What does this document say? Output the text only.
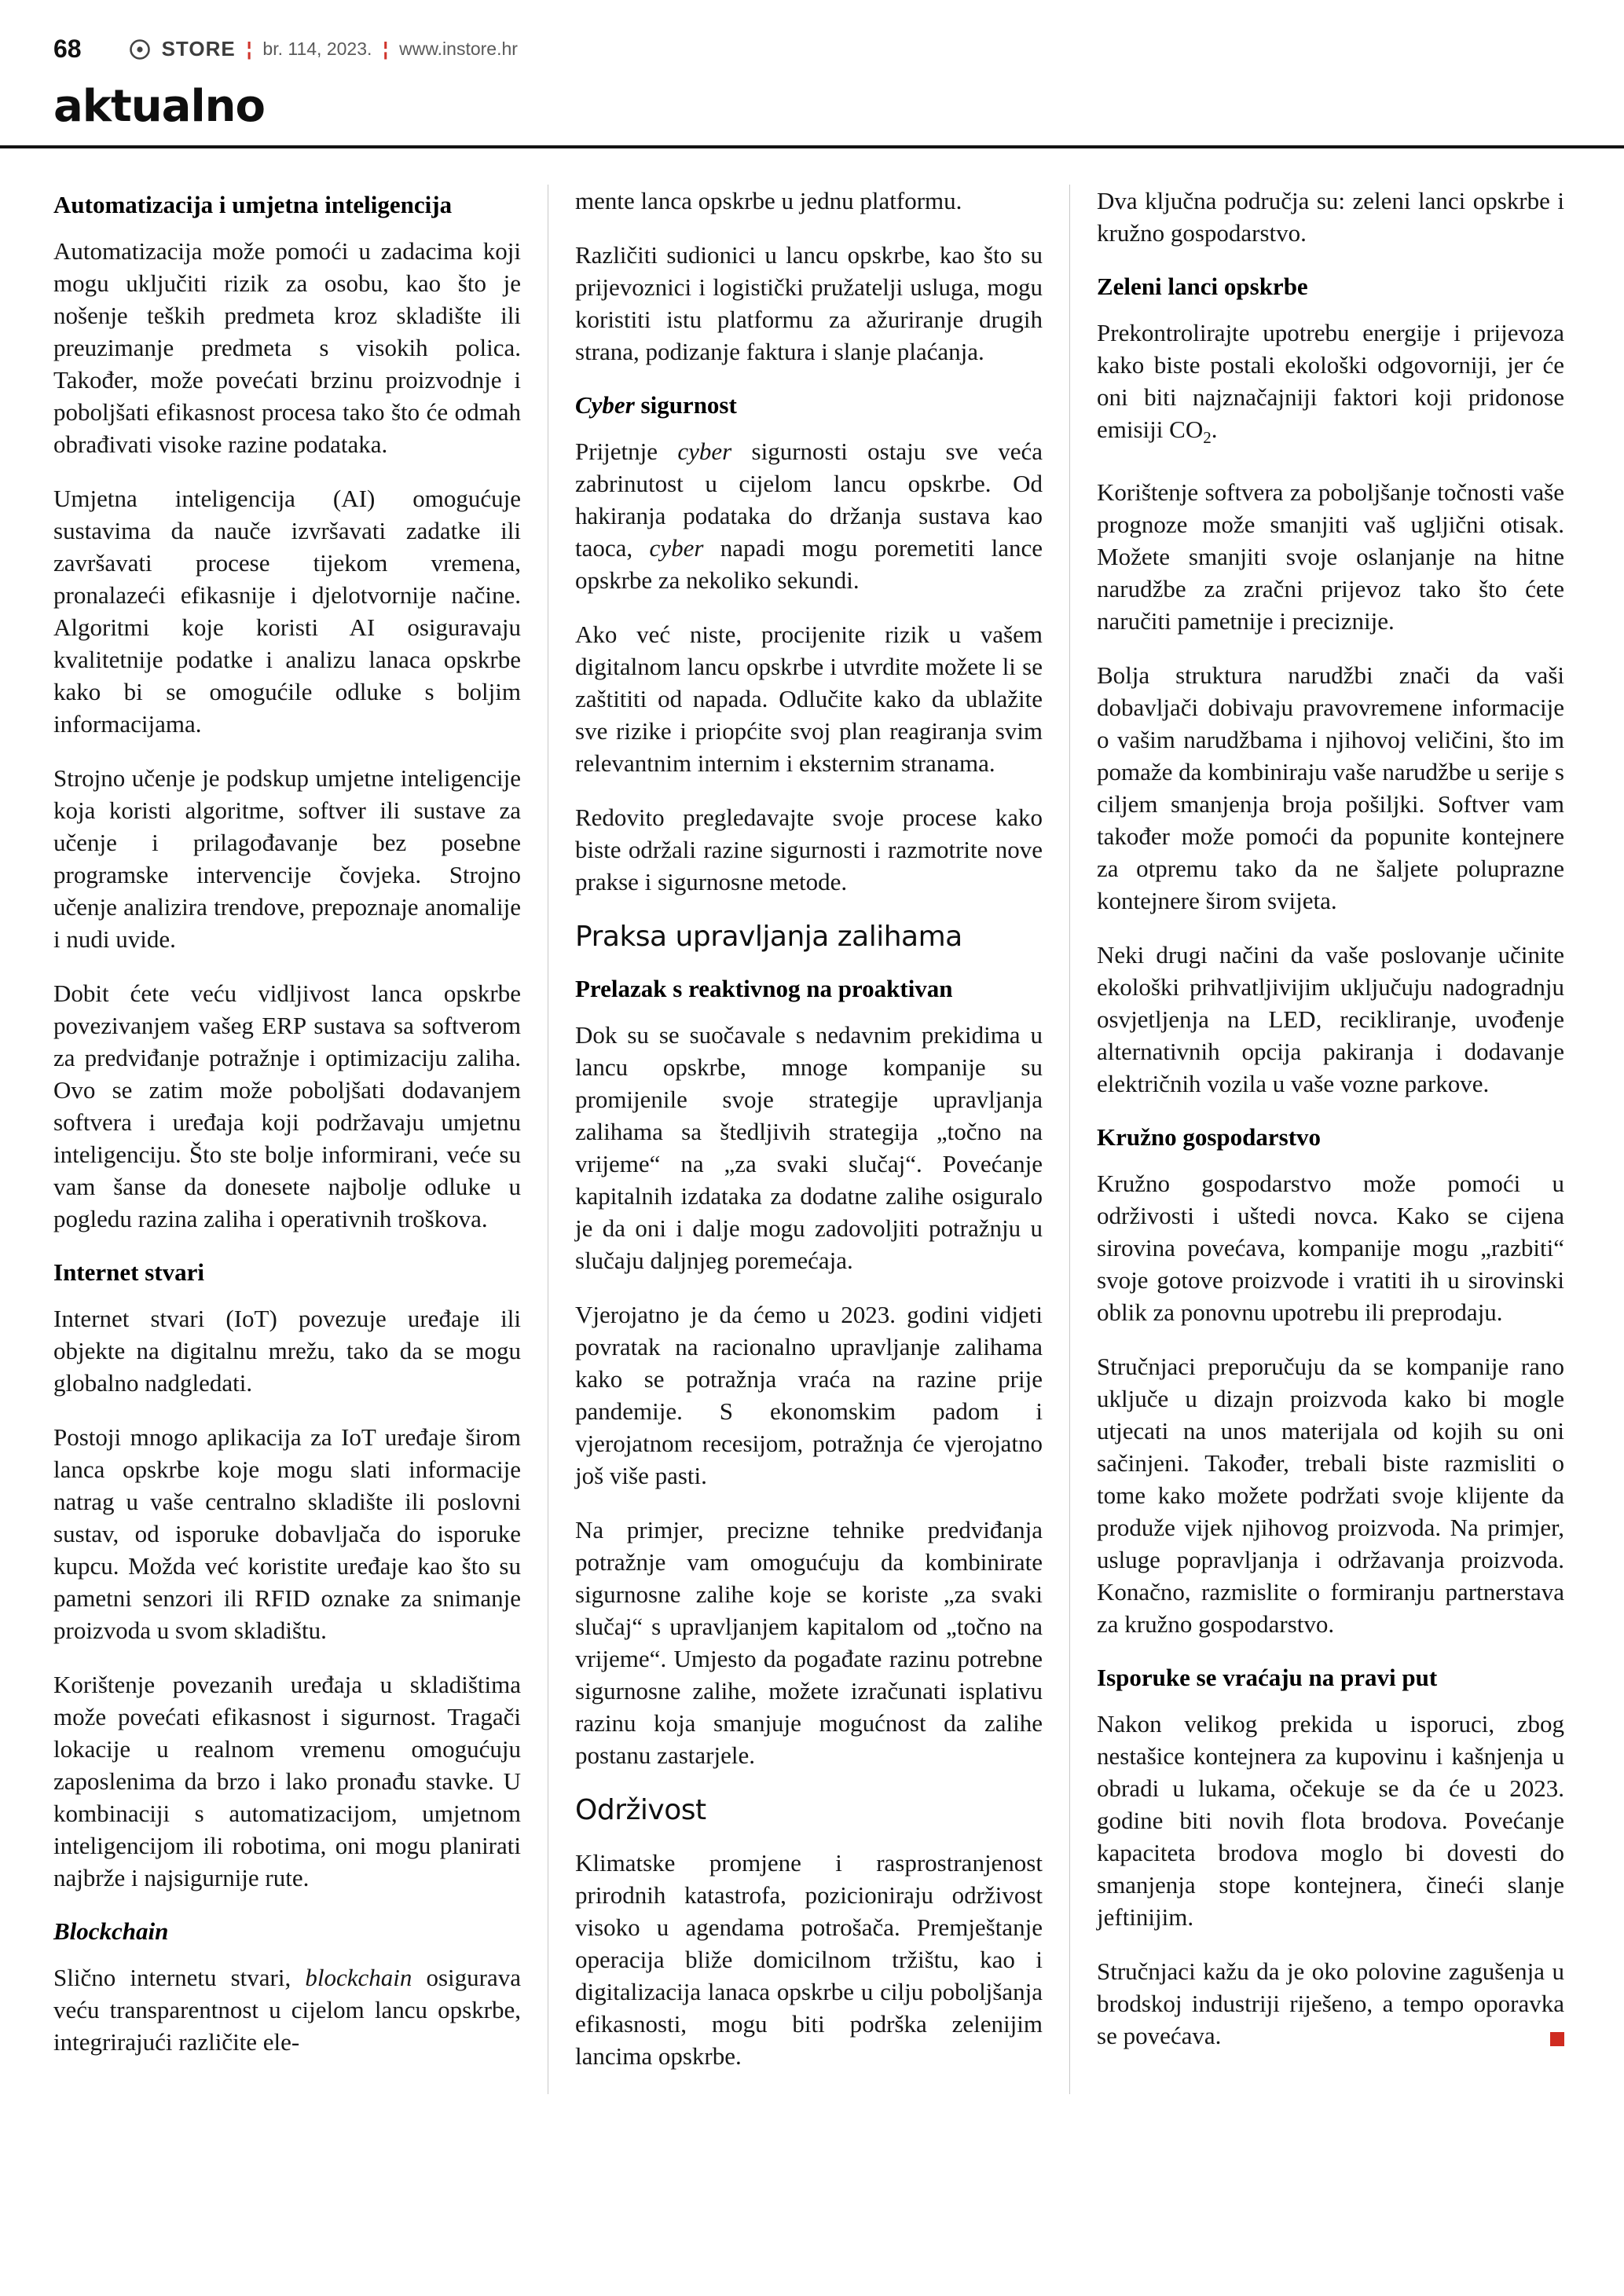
68	STORE ¦ br. 114, 2023. ¦ www.instore.hr
aktualno
Automatizacija i umjetna inteligencija

Automatizacija može pomoći u zadacima koji mogu uključiti rizik za osobu, kao što je nošenje teških predmeta kroz skladište ili preuzimanje predmeta s visokih polica. Također, može povećati brzinu proizvodnje i poboljšati efikasnost procesa tako što će odmah obrađivati visoke razine podataka.

Umjetna inteligencija (AI) omogućuje sustavima da nauče izvršavati zadatke ili završavati procese tijekom vremena, pronalazeći efikasnije i djelotvornije načine. Algoritmi koje koristi AI osiguravaju kvalitetnije podatke i analizu lanaca opskrbe kako bi se omogućile odluke s boljim informacijama.

Strojno učenje je podskup umjetne inteligencije koja koristi algoritme, softver ili sustave za učenje i prilagođavanje bez posebne programske intervencije čovjeka. Strojno učenje analizira trendove, prepoznaje anomalije i nudi uvide.

Dobit ćete veću vidljivost lanca opskrbe povezivanjem vašeg ERP sustava sa softverom za predviđanje potražnje i optimizaciju zaliha. Ovo se zatim može poboljšati dodavanjem softvera i uređaja koji podržavaju umjetnu inteligenciju. Što ste bolje informirani, veće su vam šanse da donesete najbolje odluke u pogledu razina zaliha i operativnih troškova.

Internet stvari

Internet stvari (IoT) povezuje uređaje ili objekte na digitalnu mrežu, tako da se mogu globalno nadgledati.

Postoji mnogo aplikacija za IoT uređaje širom lanca opskrbe koje mogu slati informacije natrag u vaše centralno skladište ili poslovni sustav, od isporuke dobavljača do isporuke kupcu. Možda već koristite uređaje kao što su pametni senzori ili RFID oznake za snimanje proizvoda u svom skladištu.

Korištenje povezanih uređaja u skladištima može povećati efikasnost i sigurnost. Tragači lokacije u realnom vremenu omogućuju zaposlenima da brzo i lako pronađu stavke. U kombinaciji s automatizacijom, umjetnom inteligencijom ili robotima, oni mogu planirati najbrže i najsigurnije rute.

Blockchain

Slično internetu stvari, blockchain osigurava veću transparentnost u cijelom lancu opskrbe, integrirajući različite ele-

mente lanca opskrbe u jednu platformu.

Različiti sudionici u lancu opskrbe, kao što su prijevoznici i logistički pružatelji usluga, mogu koristiti istu platformu za ažuriranje drugih strana, podizanje faktura i slanje plaćanja.

Cyber sigurnost

Prijetnje cyber sigurnosti ostaju sve veća zabrinutost u cijelom lancu opskrbe. Od hakiranja podataka do držanja sustava kao taoca, cyber napadi mogu poremetiti lance opskrbe za nekoliko sekundi.

Ako već niste, procijenite rizik u vašem digitalnom lancu opskrbe i utvrdite možete li se zaštititi od napada. Odlučite kako da ublažite sve rizike i priopćite svoj plan reagiranja svim relevantnim internim i eksternim stranama.

Redovito pregledavajte svoje procese kako biste održali razine sigurnosti i razmotrite nove prakse i sigurnosne metode.

Praksa upravljanja zalihama
Prelazak s reaktivnog na proaktivan

Dok su se suočavale s nedavnim prekidima u lancu opskrbe, mnoge kompanije su promijenile svoje strategije upravljanja zalihama sa štedljivih strategija „točno na vrijeme“ na „za svaki slučaj“. Povećanje kapitalnih izdataka za dodatne zalihe osiguralo je da oni i dalje mogu zadovoljiti potražnju u slučaju daljnjeg poremećaja.

Vjerojatno je da ćemo u 2023. godini vidjeti povratak na racionalno upravljanje zalihama kako se potražnja vraća na razine prije pandemije. S ekonomskim padom i vjerojatnom recesijom, potražnja će vjerojatno još više pasti.

Na primjer, precizne tehnike predviđanja potražnje vam omogućuju da kombinirate sigurnosne zalihe koje se koriste „za svaki slučaj“ s upravljanjem kapitalom od „točno na vrijeme“. Umjesto da pogađate razinu potrebne sigurnosne zalihe, možete izračunati isplativu razinu koja smanjuje mogućnost da zalihe postanu zastarjele.

Održivost

Klimatske promjene i rasprostranjenost prirodnih katastrofa, pozicioniraju održivost visoko u agendama potrošača. Premještanje operacija bliže domicilnom tržištu, kao i digitalizacija lanaca opskrbe u cilju poboljšanja efikasnosti, mogu biti podrška zelenijim lancima opskrbe.

Dva ključna područja su: zeleni lanci opskrbe i kružno gospodarstvo.

Zeleni lanci opskrbe

Prekontrolirajte upotrebu energije i prijevoza kako biste postali ekološki odgovorniji, jer će oni biti najznačajniji faktori koji pridonose emisiji $CO_2$.

Korištenje softvera za poboljšanje točnosti vaše prognoze može smanjiti vaš ugljični otisak. Možete smanjiti svoje oslanjanje na hitne narudžbe za zračni prijevoz tako što ćete naručiti pametnije i preciznije.

Bolja struktura narudžbi znači da vaši dobavljači dobivaju pravovremene informacije o vašim narudžbama i njihovoj veličini, što im pomaže da kombiniraju vaše narudžbe u serije s ciljem smanjenja broja pošiljki. Softver vam također može pomoći da popunite kontejnere za otpremu tako da ne šaljete poluprazne kontejnere širom svijeta.

Neki drugi načini da vaše poslovanje učinite ekološki prihvatljivijim uključuju nadogradnju osvjetljenja na LED, recikliranje, uvođenje alternativnih opcija pakiranja i dodavanje električnih vozila u vaše vozne parkove.

Kružno gospodarstvo

Kružno gospodarstvo može pomoći u održivosti i uštedi novca. Kako se cijena sirovina povećava, kompanije mogu „razbiti“ svoje gotove proizvode i vratiti ih u sirovinski oblik za ponovnu upotrebu ili preprodaju.

Stručnjaci preporučuju da se kompanije rano uključe u dizajn proizvoda kako bi mogle utjecati na unos materijala od kojih su oni sačinjeni. Također, trebali biste razmisliti o tome kako možete podržati svoje klijente da produže vijek njihovog proizvoda. Na primjer, usluge popravljanja i održavanja proizvoda. Konačno, razmislite o formiranju partnerstava za kružno gospodarstvo.

Isporuke se vraćaju na pravi put

Nakon velikog prekida u isporuci, zbog nestašice kontejnera za kupovinu i kašnjenja u obradi u lukama, očekuje se da će u 2023. godine biti novih flota brodova. Povećanje kapaciteta brodova moglo bi dovesti do smanjenja stope kontejnera, čineći slanje jeftinijim.

Stručnjaci kažu da je oko polovine zagušenja u brodskoj industriji riješeno, a tempo oporavka se povećava.
